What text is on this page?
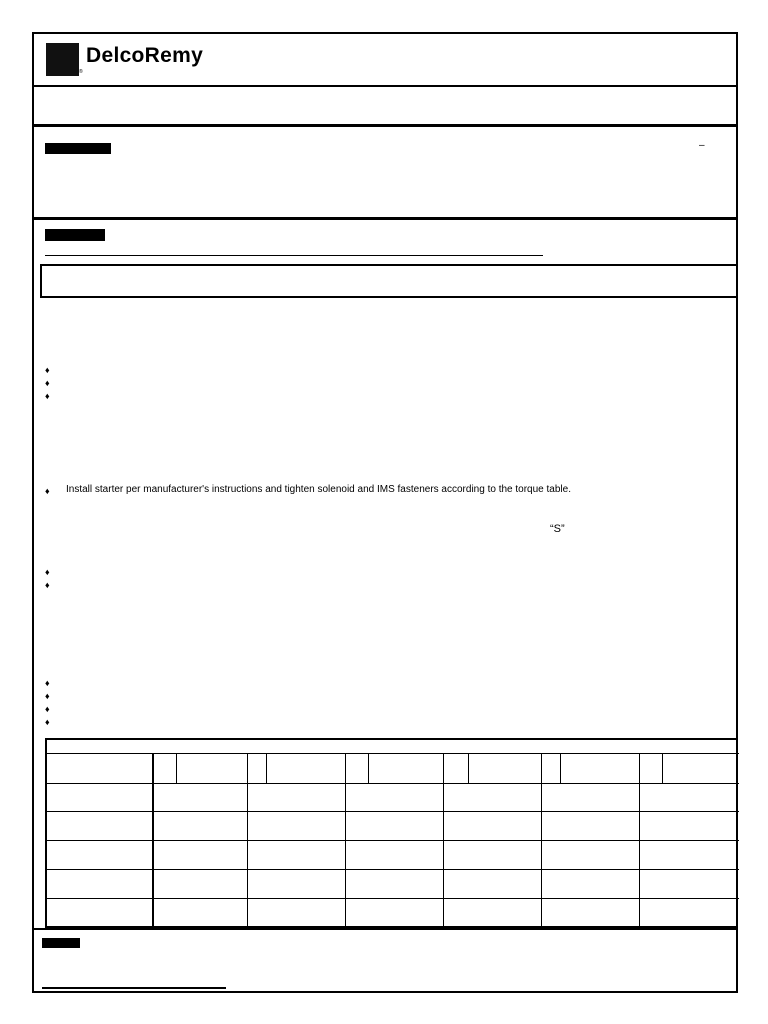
®
DelcoRemy
–
♦
♦
♦
♦ Install starter per manufacturer's instructions and tighten solenoid and IMS fasteners according to the torque table.
“S”
♦
♦
♦
♦
♦
♦
